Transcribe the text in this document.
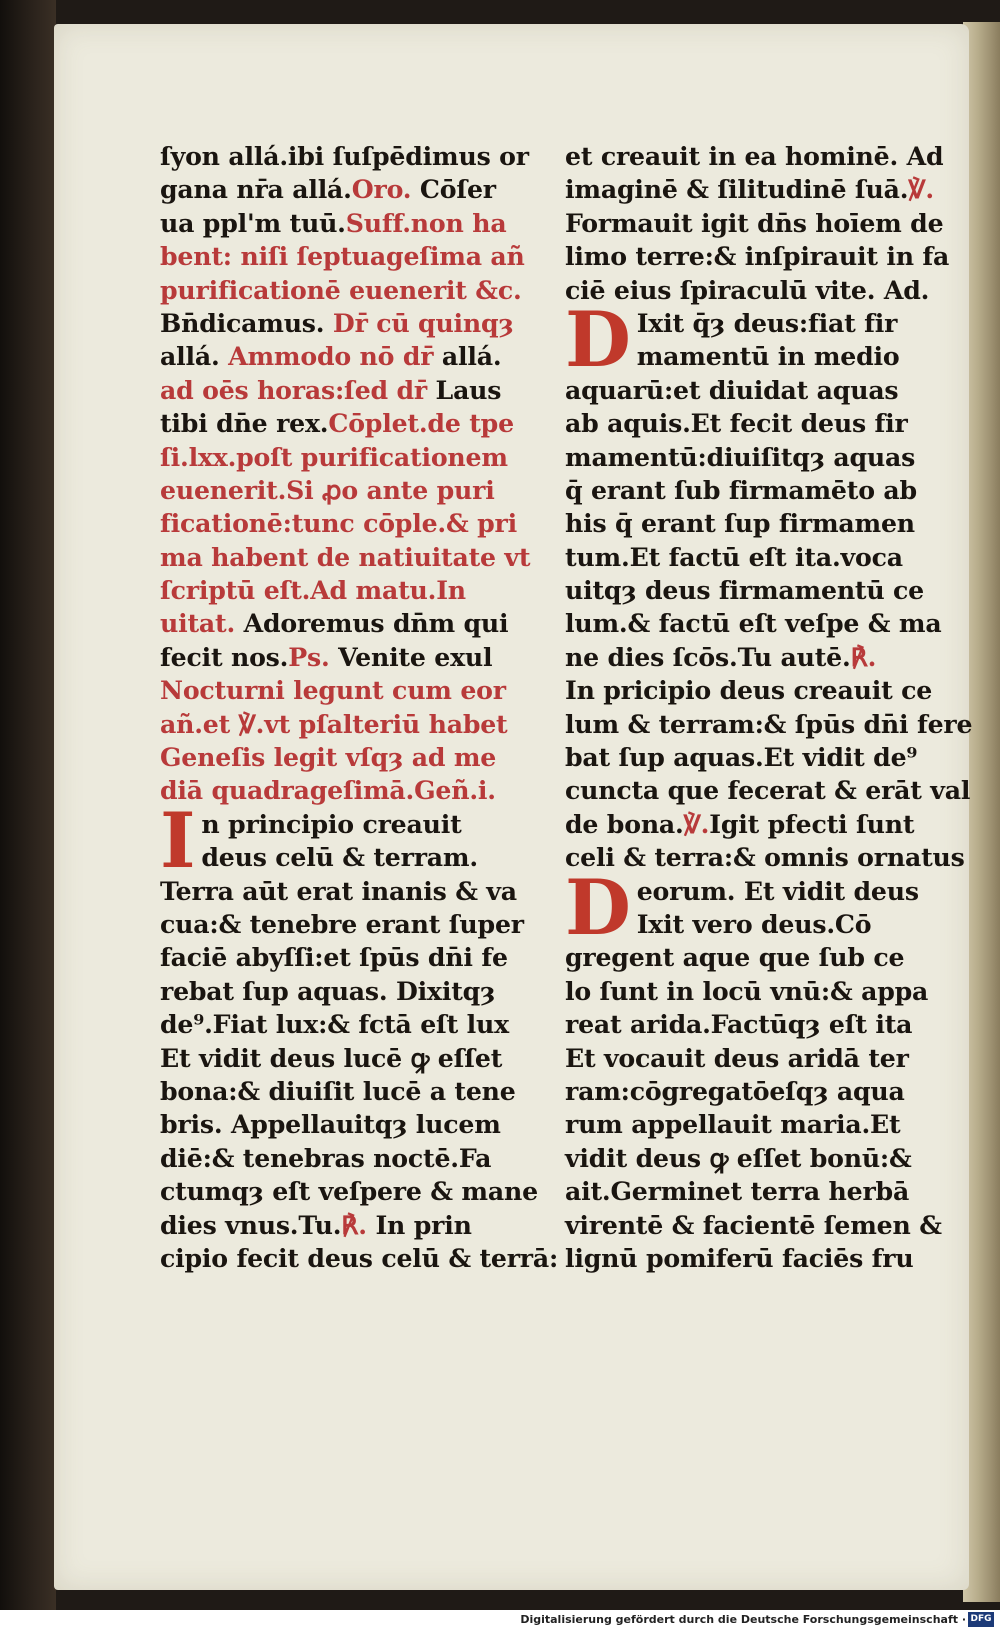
ſyon allá.ibi ſuſpēdimus or
gana nr̄a allá.Oro. Cōſer
ua ppl'm tuū.Suff.non ha
bent: niſi ſeptuageſima añ
purificationē euenerit &c.
Bn̄dicamus. Dr̄ cū quinqȝ
allá. Ammodo nō dr̄ allá.
ad oēs horas:ſed dr̄ Laus
tibi dn̄e rex.Cōplet.de tpe
ſi.lxx.poſt purificationem
euenerit.Si ꝓo ante puri
ficationē:tunc cōple.& pri
ma habent de natiuitate vt
ſcriptū eſt.Ad matu.In
uitat. Adoremus dn̄m qui
fecit nos.Ps. Venite exul
Nocturni legunt cum eor
añ.et ℣.vt pſalteriū habet
Geneſis legit vſqȝ ad me
diā quadrageſimā.Geñ.i.
In principio creauit
deus celū & terram.
Terra aūt erat inanis & va
cua:& tenebre erant ſuper
faciē abyſſi:et ſpūs dn̄i fe
rebat ſup aquas. Dixitqȝ
de⁹.Fiat lux:& fctā eſt lux
Et vidit deus lucē ꝙ eſſet
bona:& diuiſit lucē a tene
bris. Appellauitqȝ lucem
diē:& tenebras noctē.Fa
ctumqȝ eſt veſpere & mane
dies vnus.Tu.℟. In prin
cipio fecit deus celū & terrā:
et creauit in ea hominē. Ad
imaginē & ſilitudinē ſuā.℣.
Formauit igit dn̄s hoīem de
limo terre:& inſpirauit in fa
ciē eius ſpiraculū vite. Ad.
D Ixit q̄ȝ deus:fiat fir
mamentū in medio
aquarū:et diuidat aquas
ab aquis.Et fecit deus fir
mamentū:diuiſitqȝ aquas
q̄ erant ſub firmamēto ab
his q̄ erant ſup firmamen
tum.Et factū eſt ita.voca
uitqȝ deus firmamentū ce
lum.& factū eſt veſpe & ma
ne dies ſcōs.Tu autē.℟.
In pricipio deus creauit ce
lum & terram:& ſpūs dn̄i fere
bat ſup aquas.Et vidit de⁹
cuncta que fecerat & erāt val
de bona.℣.Igit pfecti ſunt
celi & terra:& omnis ornatus
Deorum. Et vidit deus
Ixit vero deus.Cō
gregent aque que ſub ce
lo ſunt in locū vnū:& appa
reat arida.Factūqȝ eſt ita
Et vocauit deus aridā ter
ram:cōgregatōeſqȝ aqua
rum appellauit maria.Et
vidit deus ꝙ eſſet bonū:&
ait.Germinet terra herbā
virentē & facientē ſemen &
lignū pomiferū faciēs fru
Digitalisierung gefördert durch die Deutsche Forschungsgemeinschaft · DFG
